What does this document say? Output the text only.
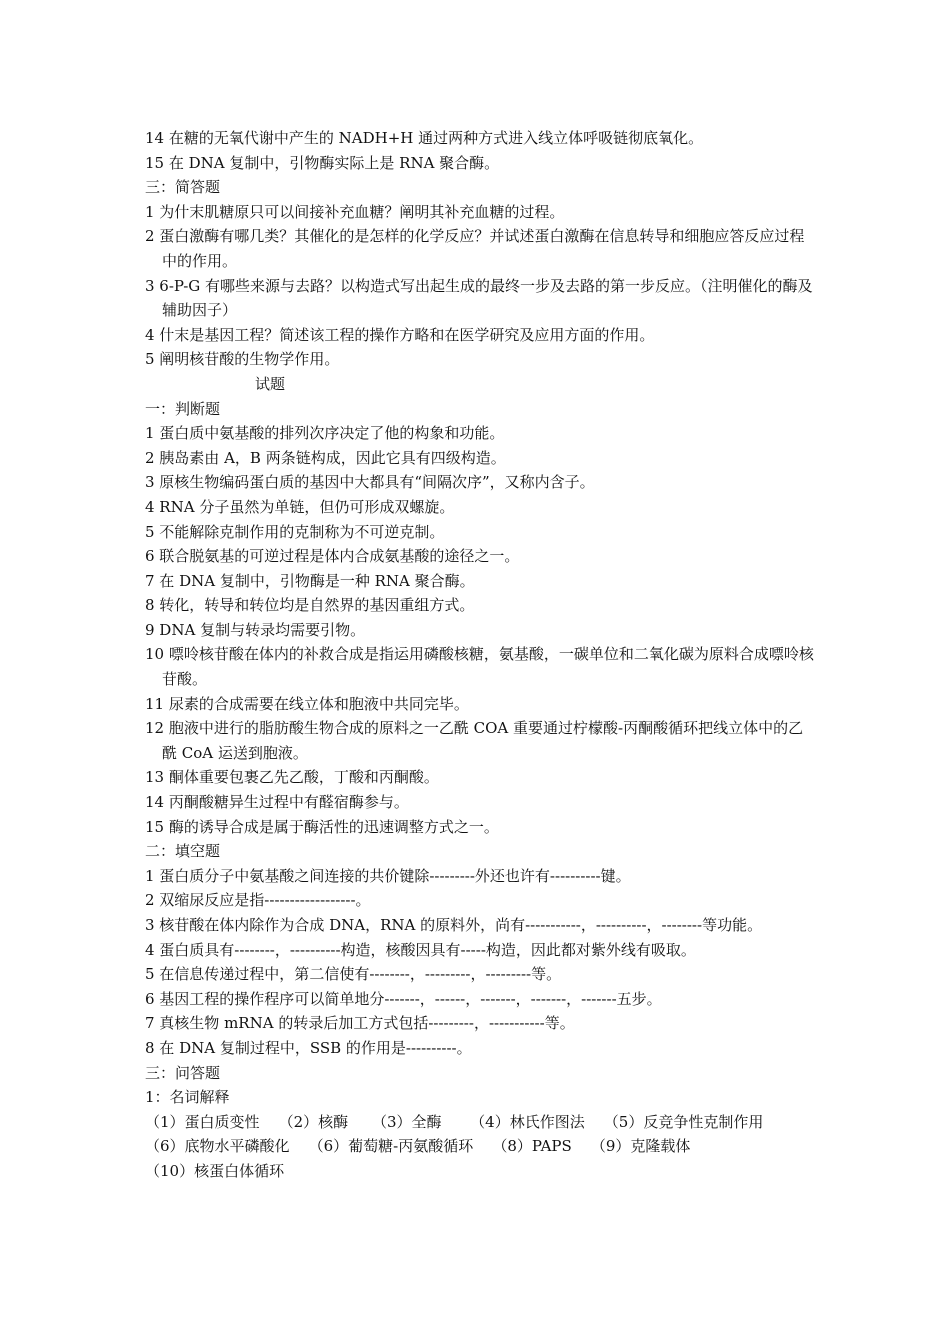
14 在糖的无氧代谢中产生的 NADH+H 通过两种方式进入线立体呼吸链彻底氧化。
15 在 DNA 复制中，引物酶实际上是 RNA 聚合酶。
三：简答题
1 为什末肌糖原只可以间接补充血糖？阐明其补充血糖的过程。
2 蛋白激酶有哪几类？其催化的是怎样的化学反应？并试述蛋白激酶在信息转导和细胞应答反应过程中的作用。
3 6-P-G 有哪些来源与去路？以构造式写出起生成的最终一步及去路的第一步反应。（注明催化的酶及辅助因子）
4 什末是基因工程？简述该工程的操作方略和在医学研究及应用方面的作用。
5 阐明核苷酸的生物学作用。
试题
一：判断题
1 蛋白质中氨基酸的排列次序决定了他的构象和功能。
2 胰岛素由 A，B 两条链构成，因此它具有四级构造。
3 原核生物编码蛋白质的基因中大都具有“间隔次序”，又称内含子。
4 RNA 分子虽然为单链，但仍可形成双螺旋。
5 不能解除克制作用的克制称为不可逆克制。
6 联合脱氨基的可逆过程是体内合成氨基酸的途径之一。
7 在 DNA 复制中，引物酶是一种 RNA 聚合酶。
8 转化，转导和转位均是自然界的基因重组方式。
9 DNA 复制与转录均需要引物。
10 嘌呤核苷酸在体内的补救合成是指运用磷酸核糖，氨基酸，一碳单位和二氧化碳为原料合成嘌呤核苷酸。
11 尿素的合成需要在线立体和胞液中共同完毕。
12 胞液中进行的脂肪酸生物合成的原料之一乙酰 COA 重要通过柠檬酸-丙酮酸循环把线立体中的乙酰 CoA 运送到胞液。
13 酮体重要包裹乙先乙酸，丁酸和丙酮酸。
14 丙酮酸糖异生过程中有醛宿酶参与。
15 酶的诱导合成是属于酶活性的迅速调整方式之一。
二：填空题
1 蛋白质分子中氨基酸之间连接的共价键除---------外还也许有----------键。
2 双缩尿反应是指------------------。
3 核苷酸在体内除作为合成 DNA，RNA 的原料外，尚有-----------，----------，--------等功能。
4 蛋白质具有--------，----------构造，核酸因具有-----构造，因此都对紫外线有吸取。
5 在信息传递过程中，第二信使有--------，---------，---------等。
6 基因工程的操作程序可以简单地分-------，------，-------，-------，-------五步。
7 真核生物 mRNA 的转录后加工方式包括---------，-----------等。
8 在 DNA 复制过程中，SSB 的作用是----------。
三：问答题
1：名词解释
（1）蛋白质变性 （2）核酶 （3）全酶 （4）林氏作图法 （5）反竞争性克制作用
（6）底物水平磷酸化 （6）葡萄糖-丙氨酸循环 （8）PAPS （9）克隆载体
（10）核蛋白体循环
